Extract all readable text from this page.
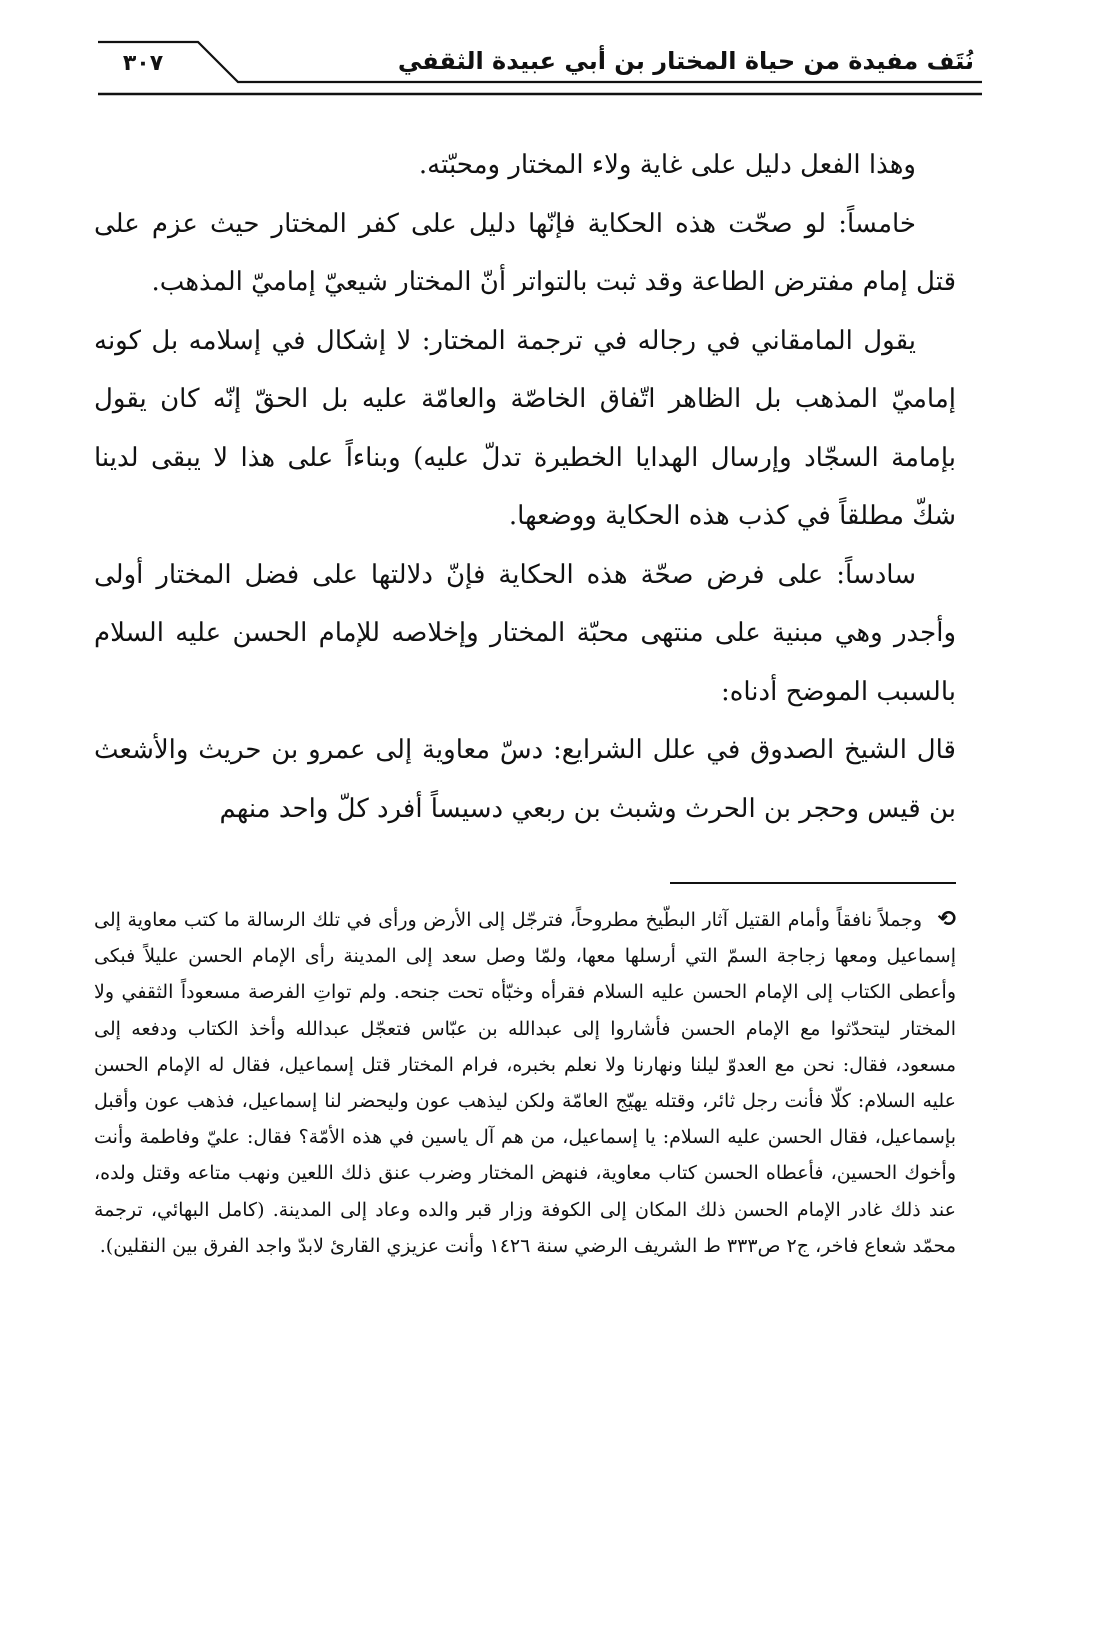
نُتَف مفيدة من حياة المختار بن أبي عبيدة الثقفي
٣٠٧

وهذا الفعل دليل على غاية ولاء المختار ومحبّته.

خامساً: لو صحّت هذه الحكاية فإنّها دليل على كفر المختار حيث عزم على قتل إمام مفترض الطاعة وقد ثبت بالتواتر أنّ المختار شيعيّ إماميّ المذهب.

يقول المامقاني في رجاله في ترجمة المختار: لا إشكال في إسلامه بل كونه إماميّ المذهب بل الظاهر اتّفاق الخاصّة والعامّة عليه بل الحقّ إنّه كان يقول بإمامة السجّاد وإرسال الهدايا الخطيرة تدلّ عليه) وبناءاً على هذا لا يبقى لدينا شكّ مطلقاً في كذب هذه الحكاية ووضعها.

سادساً: على فرض صحّة هذه الحكاية فإنّ دلالتها على فضل المختار أولى وأجدر وهي مبنية على منتهى محبّة المختار وإخلاصه للإمام الحسن عليه السلام بالسبب الموضح أدناه:

قال الشيخ الصدوق في علل الشرايع: دسّ معاوية إلى عمرو بن حريث والأشعث بن قيس وحجر بن الحرث وشبث بن ربعي دسيساً أفرد كلّ واحد منهم

⟲

وجملاً نافقاً وأمام القتيل آثار البطّيخ مطروحاً، فترجّل إلى الأرض ورأى في تلك الرسالة ما كتب معاوية إلى إسماعيل ومعها زجاجة السمّ التي أرسلها معها، ولمّا وصل سعد إلى المدينة رأى الإمام الحسن عليلاً فبكى وأعطى الكتاب إلى الإمام الحسن عليه السلام فقرأه وخبّأه تحت جنحه. ولم تواتِ الفرصة مسعوداً الثقفي ولا المختار ليتحدّثوا مع الإمام الحسن فأشاروا إلى عبدالله بن عبّاس فتعجّل عبدالله وأخذ الكتاب ودفعه إلى مسعود، فقال: نحن مع العدوّ ليلنا ونهارنا ولا نعلم بخبره، فرام المختار قتل إسماعيل، فقال له الإمام الحسن عليه السلام: كلّا فأنت رجل ثائر، وقتله يهيّج العامّة ولكن ليذهب عون وليحضر لنا إسماعيل، فذهب عون وأقبل بإسماعيل، فقال الحسن عليه السلام: يا إسماعيل، من هم آل ياسين في هذه الأمّة؟ فقال: عليّ وفاطمة وأنت وأخوك الحسين، فأعطاه الحسن كتاب معاوية، فنهض المختار وضرب عنق ذلك اللعين ونهب متاعه وقتل ولده، عند ذلك غادر الإمام الحسن ذلك المكان إلى الكوفة وزار قبر والده وعاد إلى المدينة. (كامل البهائي، ترجمة محمّد شعاع فاخر، ج٢ ص٣٣٣ ط الشريف الرضي سنة ١٤٢٦ وأنت عزيزي القارئ لابدّ واجد الفرق بين النقلين).
